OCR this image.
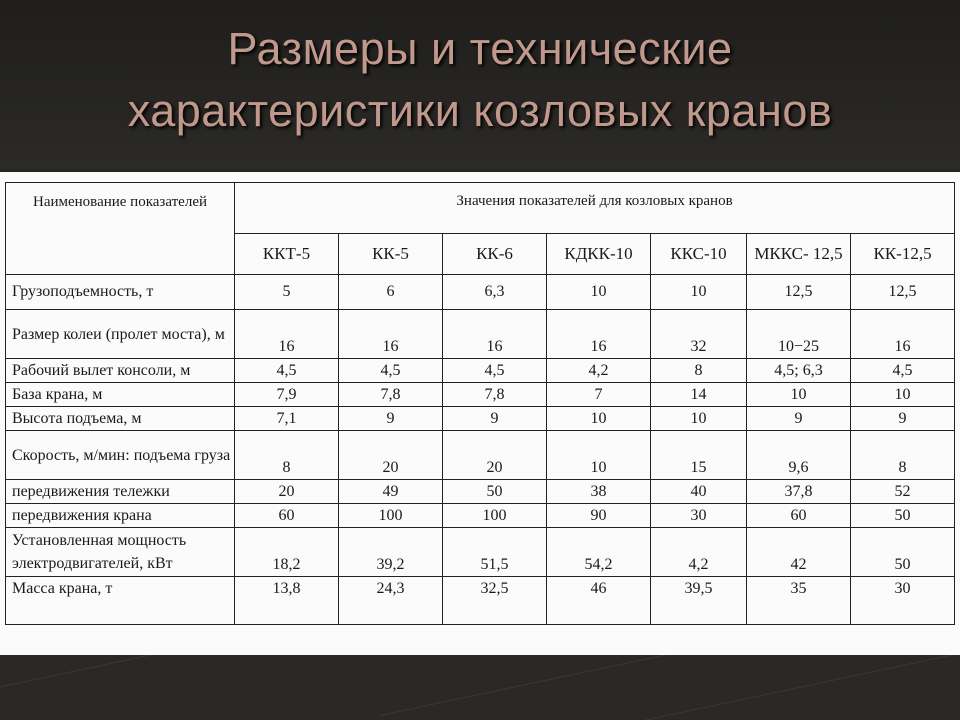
Размеры и технические
характеристики козловых кранов
Наименование показателей	Значения показателей для козловых кранов						
	ККТ-5	КК-5	КК-6	КДКК-10	ККС-10	МККС- 12,5	КК-12,5
Грузоподъемность, т	5	6	6,3	10	10	12,5	12,5
Размер колеи (пролет моста), м	16	16	16	16	32	10−25	16
Рабочий вылет консоли, м	4,5	4,5	4,5	4,2	8	4,5; 6,3	4,5
База крана, м	7,9	7,8	7,8	7	14	10	10
Высота подъема, м	7,1	9	9	10	10	9	9
Скорость, м/мин: подъема груза	8	20	20	10	15	9,6	8
передвижения тележки	20	49	50	38	40	37,8	52
передвижения крана	60	100	100	90	30	60	50
Установленная мощность электродвигателей, кВт	18,2	39,2	51,5	54,2	4,2	42	50
Масса крана, т	13,8	24,3	32,5	46	39,5	35	30
